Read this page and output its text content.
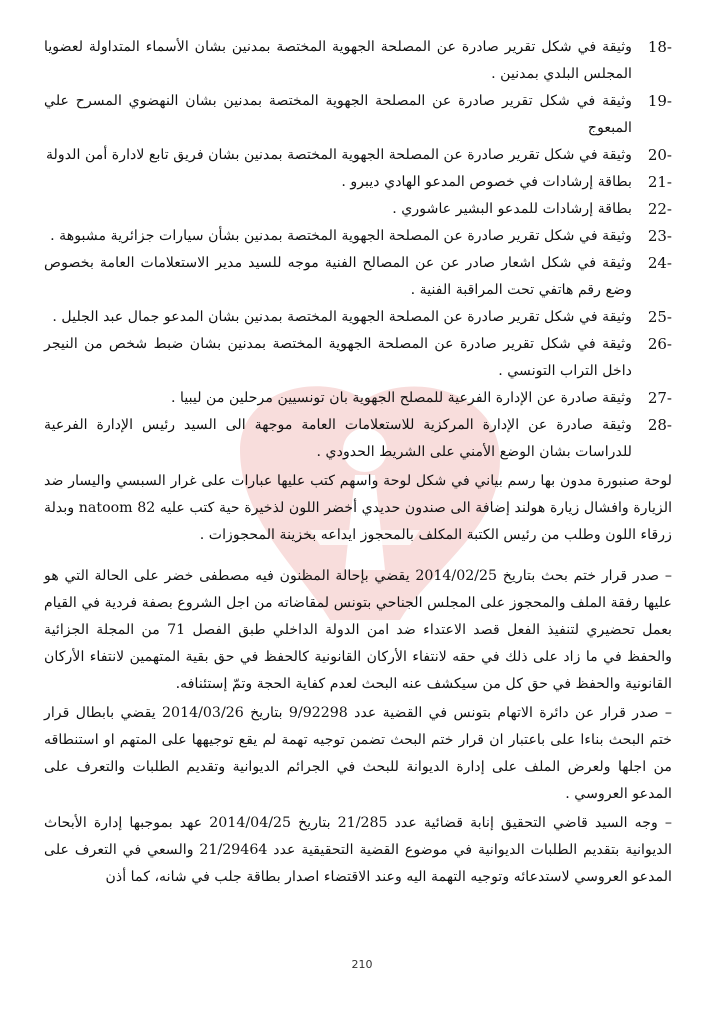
18-
وثيقة في شكل تقرير صادرة عن المصلحة الجهوية المختصة بمدنين بشان الأسماء المتداولة لعضويا المجلس البلدي بمدنين .
19-
وثيقة في شكل تقرير صادرة عن المصلحة الجهوية المختصة بمدنين بشان النهضوي المسرح علي المبعوج
20-
وثيقة في شكل تقرير صادرة عن المصلحة الجهوية المختصة بمدنين بشان فريق تابع لادارة أمن الدولة
21-
بطاقة إرشادات في خصوص المدعو الهادي ديبرو .
22-
بطاقة إرشادات للمدعو البشير عاشوري .
23-
وثيقة في شكل تقرير صادرة عن المصلحة الجهوية المختصة بمدنين بشأن سيارات جزائرية مشبوهة .
24-
وثيقة في شكل اشعار صادر عن عن المصالح الفنية موجه للسيد مدير الاستعلامات العامة بخصوص وضع رقم هاتفي تحت المراقبة الفنية .
25-
وثيقة في شكل تقرير صادرة عن المصلحة الجهوية المختصة بمدنين بشان المدعو جمال عبد الجليل .
26-
وثيقة في شكل تقرير صادرة عن المصلحة الجهوية المختصة بمدنين بشان ضبط شخص من النيجر داخل التراب التونسي .
27-
وثيقة صادرة عن الإدارة الفرعية للمصلح الجهوية بان تونسيين مرحلين من ليبيا .
28-
وثيقة صادرة عن الإدارة المركزية للاستعلامات العامة موجهة الى السيد رئيس الإدارة الفرعية للدراسات بشان الوضع الأمني على الشريط الحدودي .

لوحة صنبورة مدون بها رسم بياني في شكل لوحة واسهم كتب عليها عبارات على غرار السبسي واليسار ضد الزيارة وافشال زيارة هولند إضافة الى صندون حديدي أخضر اللون لذخيرة حية كتب عليه 82 natoom وبدلة زرقاء اللون وطلب من رئيس الكتبة المكلف بالمحجوز ايداعه بخزينة المحجوزات .

– صدر قرار ختم بحث بتاريخ 2014/02/25 يقضي بإحالة المظنون فيه مصطفى خضر على الحالة التي هو عليها رفقة الملف والمحجوز على المجلس الجناحي بتونس لمقاضاته من اجل الشروع بصفة فردية في القيام بعمل تحضيري لتنفيذ الفعل قصد الاعتداء ضد امن الدولة الداخلي طبق الفصل 71 من المجلة الجزائية والحفظ في ما زاد على ذلك في حقه لانتفاء الأركان القانونية كالحفظ في حق بقية المتهمين لانتفاء الأركان القانونية والحفظ في حق كل من سيكشف عنه البحث لعدم كفاية الحجة وتمّ إستئنافه.

– صدر قرار عن دائرة الاتهام بتونس في القضية عدد 9/92298 بتاريخ 2014/03/26 يقضي بابطال قرار ختم البحث بناءا على باعتبار ان قرار ختم البحث تضمن توجيه تهمة لم يقع توجيهها على المتهم او استنطاقه من اجلها ولعرض الملف على إدارة الديوانة للبحث في الجرائم الديوانية وتقديم الطلبات والتعرف على المدعو العروسي .

– وجه السيد قاضي التحقيق إنابة قضائية عدد 21/285 بتاريخ 2014/04/25 عهد بموجبها إدارة الأبحاث الديوانية بتقديم الطلبات الديوانية في موضوع القضية التحقيقية عدد 21/29464 والسعي في التعرف على المدعو العروسي لاستدعائه وتوجيه التهمة اليه وعند الاقتضاء اصدار بطاقة جلب في شانه، كما أذن

210
